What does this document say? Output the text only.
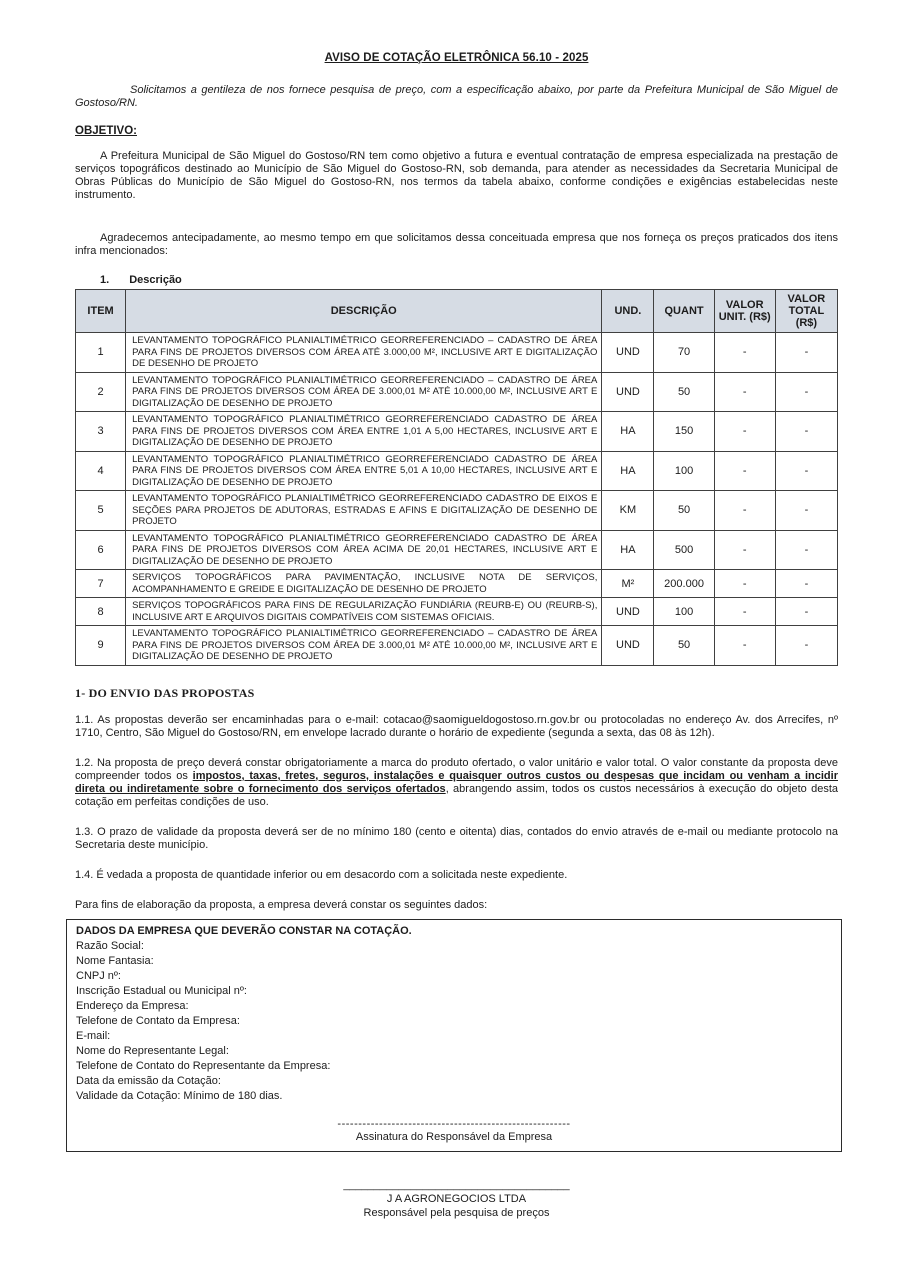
AVISO DE COTAÇÃO ELETRÔNICA 56.10 - 2025

Solicitamos a gentileza de nos fornece pesquisa de preço, com a especificação abaixo, por parte da Prefeitura Municipal de São Miguel de Gostoso/RN.

OBJETIVO:

A Prefeitura Municipal de São Miguel do Gostoso/RN tem como objetivo a futura e eventual contratação de empresa especializada na prestação de serviços topográficos destinado ao Município de São Miguel do Gostoso-RN, sob demanda, para atender as necessidades da Secretaria Municipal de Obras Públicas do Município de São Miguel do Gostoso-RN, nos termos da tabela abaixo, conforme condições e exigências estabelecidas neste instrumento.

Agradecemos antecipadamente, ao mesmo tempo em que solicitamos dessa conceituada empresa que nos forneça os preços praticados dos itens infra mencionados:

1. Descrição
ITEM	DESCRIÇÃO	UND.	QUANT	VALOR UNIT. (R$)	VALOR TOTAL (R$)
1	LEVANTAMENTO TOPOGRÁFICO PLANIALTIMÉTRICO GEORREFERENCIADO – CADASTRO DE ÁREA PARA FINS DE PROJETOS DIVERSOS COM ÁREA ATÉ 3.000,00 M², INCLUSIVE ART E DIGITALIZAÇÃO DE DESENHO DE PROJETO	UND	70	-	-
2	LEVANTAMENTO TOPOGRÁFICO PLANIALTIMÉTRICO GEORREFERENCIADO – CADASTRO DE ÁREA PARA FINS DE PROJETOS DIVERSOS COM ÁREA DE 3.000,01 M² ATÉ 10.000,00 M², INCLUSIVE ART E DIGITALIZAÇÃO DE DESENHO DE PROJETO	UND	50	-	-
3	LEVANTAMENTO TOPOGRÁFICO PLANIALTIMÉTRICO GEORREFERENCIADO CADASTRO DE ÁREA PARA FINS DE PROJETOS DIVERSOS COM ÁREA ENTRE 1,01 A 5,00 HECTARES, INCLUSIVE ART E DIGITALIZAÇÃO DE DESENHO DE PROJETO	HA	150	-	-
4	LEVANTAMENTO TOPOGRÁFICO PLANIALTIMÉTRICO GEORREFERENCIADO CADASTRO DE ÁREA PARA FINS DE PROJETOS DIVERSOS COM ÁREA ENTRE 5,01 A 10,00 HECTARES, INCLUSIVE ART E DIGITALIZAÇÃO DE DESENHO DE PROJETO	HA	100	-	-
5	LEVANTAMENTO TOPOGRÁFICO PLANIALTIMÉTRICO GEORREFERENCIADO CADASTRO DE EIXOS E SEÇÕES PARA PROJETOS DE ADUTORAS, ESTRADAS E AFINS E DIGITALIZAÇÃO DE DESENHO DE PROJETO	KM	50	-	-
6	LEVANTAMENTO TOPOGRÁFICO PLANIALTIMÉTRICO GEORREFERENCIADO CADASTRO DE ÁREA PARA FINS DE PROJETOS DIVERSOS COM ÁREA ACIMA DE 20,01 HECTARES, INCLUSIVE ART E DIGITALIZAÇÃO DE DESENHO DE PROJETO	HA	500	-	-
7	SERVIÇOS TOPOGRÁFICOS PARA PAVIMENTAÇÃO, INCLUSIVE NOTA DE SERVIÇOS, ACOMPANHAMENTO E GREIDE E DIGITALIZAÇÃO DE DESENHO DE PROJETO	M²	200.000	-	-
8	SERVIÇOS TOPOGRÁFICOS PARA FINS DE REGULARIZAÇÃO FUNDIÁRIA (REURB-E) OU (REURB-S), INCLUSIVE ART E ARQUIVOS DIGITAIS COMPATÍVEIS COM SISTEMAS OFICIAIS.	UND	100	-	-
9	LEVANTAMENTO TOPOGRÁFICO PLANIALTIMÉTRICO GEORREFERENCIADO – CADASTRO DE ÁREA PARA FINS DE PROJETOS DIVERSOS COM ÁREA DE 3.000,01 M² ATÉ 10.000,00 M², INCLUSIVE ART E DIGITALIZAÇÃO DE DESENHO DE PROJETO	UND	50	-	-
1- DO ENVIO DAS PROPOSTAS

1.1. As propostas deverão ser encaminhadas para o e-mail: cotacao@saomigueldogostoso.rn.gov.br ou protocoladas no endereço Av. dos Arrecifes, nº 1710, Centro, São Miguel do Gostoso/RN, em envelope lacrado durante o horário de expediente (segunda a sexta, das 08 às 12h).

1.2. Na proposta de preço deverá constar obrigatoriamente a marca do produto ofertado, o valor unitário e valor total. O valor constante da proposta deve compreender todos os impostos, taxas, fretes, seguros, instalações e quaisquer outros custos ou despesas que incidam ou venham a incidir direta ou indiretamente sobre o fornecimento dos serviços ofertados, abrangendo assim, todos os custos necessários à execução do objeto desta cotação em perfeitas condições de uso.

1.3. O prazo de validade da proposta deverá ser de no mínimo 180 (cento e oitenta) dias, contados do envio através de e-mail ou mediante protocolo na Secretaria deste município.

1.4. É vedada a proposta de quantidade inferior ou em desacordo com a solicitada neste expediente.

Para fins de elaboração da proposta, a empresa deverá constar os seguintes dados:

DADOS DA EMPRESA QUE DEVERÃO CONSTAR NA COTAÇÃO.
Razão Social:
Nome Fantasia:
CNPJ nº:
Inscrição Estadual ou Municipal nº:
Endereço da Empresa:
Telefone de Contato da Empresa:
E-mail:
Nome do Representante Legal:
Telefone de Contato do Representante da Empresa:
Data da emissão da Cotação:
Validade da Cotação: Mínimo de 180 dias.
--------------------------------------------------------
Assinatura do Responsável da Empresa
_____________________________________
J A AGRONEGOCIOS LTDA
Responsável pela pesquisa de preços
